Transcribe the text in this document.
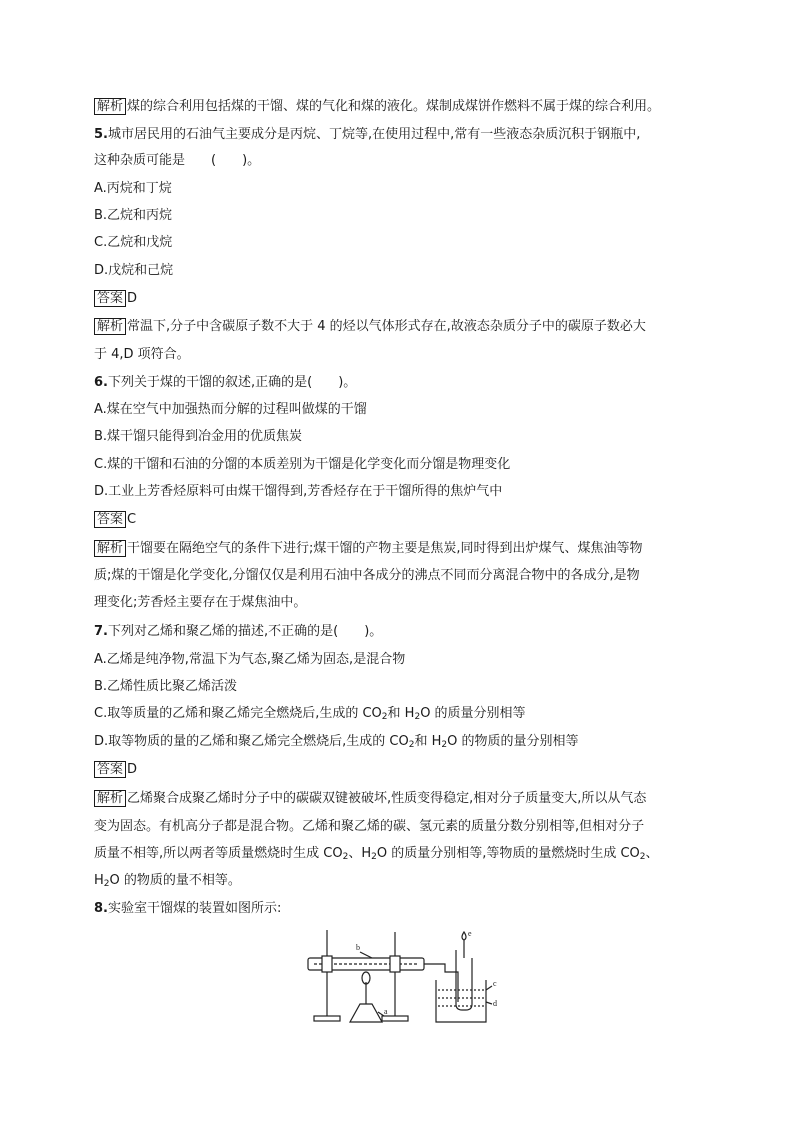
解析 煤的综合利用包括煤的干馏、煤的气化和煤的液化。煤制成煤饼作燃料不属于煤的综合利用。
5.城市居民用的石油气主要成分是丙烷、丁烷等,在使用过程中,常有一些液态杂质沉积于钢瓶中,
这种杂质可能是　　(　　)。
A.丙烷和丁烷
B.乙烷和丙烷
C.乙烷和戊烷
D.戊烷和己烷
答案 D
解析 常温下,分子中含碳原子数不大于 4 的烃以气体形式存在,故液态杂质分子中的碳原子数必大
于 4,D 项符合。
6.下列关于煤的干馏的叙述,正确的是(　　)。
A.煤在空气中加强热而分解的过程叫做煤的干馏
B.煤干馏只能得到冶金用的优质焦炭
C.煤的干馏和石油的分馏的本质差别为干馏是化学变化而分馏是物理变化
D.工业上芳香烃原料可由煤干馏得到,芳香烃存在于干馏所得的焦炉气中
答案 C
解析 干馏要在隔绝空气的条件下进行;煤干馏的产物主要是焦炭,同时得到出炉煤气、煤焦油等物
质;煤的干馏是化学变化,分馏仅仅是利用石油中各成分的沸点不同而分离混合物中的各成分,是物
理变化;芳香烃主要存在于煤焦油中。
7.下列对乙烯和聚乙烯的描述,不正确的是(　　)。
A.乙烯是纯净物,常温下为气态,聚乙烯为固态,是混合物
B.乙烯性质比聚乙烯活泼
C.取等质量的乙烯和聚乙烯完全燃烧后,生成的 $CO_2$和 $H_2O$ 的质量分别相等
D.取等物质的量的乙烯和聚乙烯完全燃烧后,生成的 $CO_2$和 $H_2O$ 的物质的量分别相等
答案 D
解析 乙烯聚合成聚乙烯时分子中的碳碳双键被破坏,性质变得稳定,相对分子质量变大,所以从气态
变为固态。有机高分子都是混合物。乙烯和聚乙烯的碳、氢元素的质量分数分别相等,但相对分子
质量不相等,所以两者等质量燃烧时生成 $CO_2$、$H_2O$ 的质量分别相等,等物质的量燃烧时生成 $CO_2$、
$H_2O$ 的物质的量不相等。
8.实验室干馏煤的装置如图所示:
b
e
c
d
a
